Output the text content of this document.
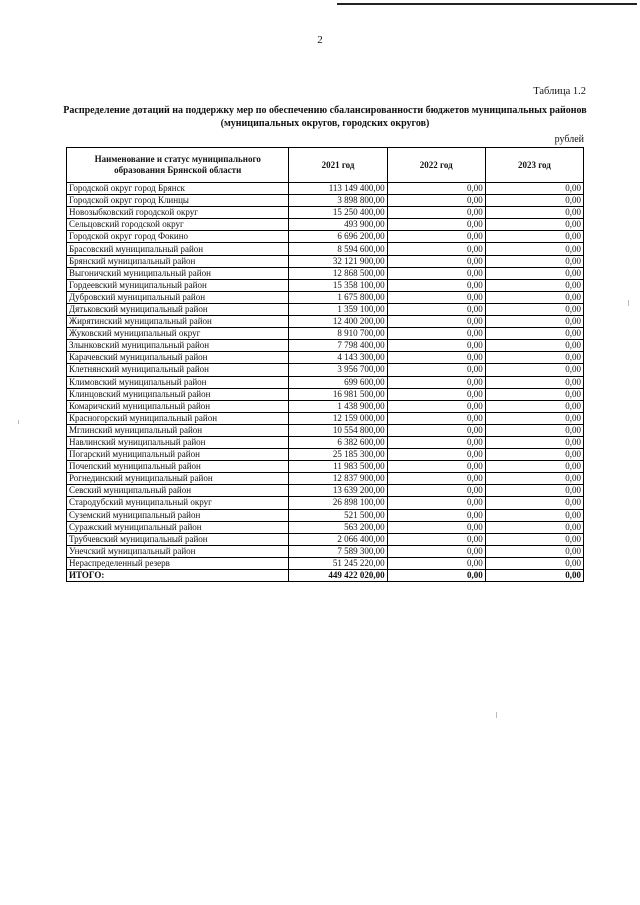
2
Таблица 1.2
Распределение дотаций на поддержку мер по обеспечению сбалансированности бюджетов муниципальных районов
(муниципальных округов, городских округов)
рублей
Наименование и статус муниципального образования Брянской области	2021 год	2022 год	2023 год
Городской округ город Брянск	113 149 400,00	0,00	0,00
Городской округ город Клинцы	3 898 800,00	0,00	0,00
Новозыбковский городской округ	15 250 400,00	0,00	0,00
Сельцовский городской округ	493 900,00	0,00	0,00
Городской округ город Фокино	6 696 200,00	0,00	0,00
Брасовский муниципальный район	8 594 600,00	0,00	0,00
Брянский муниципальный район	32 121 900,00	0,00	0,00
Выгоничский муниципальный район	12 868 500,00	0,00	0,00
Гордеевский муниципальный район	15 358 100,00	0,00	0,00
Дубровский муниципальный район	1 675 800,00	0,00	0,00
Дятьковский муниципальный район	1 359 100,00	0,00	0,00
Жирятинский муниципальный район	12 400 200,00	0,00	0,00
Жуковский муниципальный округ	8 910 700,00	0,00	0,00
Злынковский муниципальный район	7 798 400,00	0,00	0,00
Карачевский муниципальный район	4 143 300,00	0,00	0,00
Клетнянский муниципальный район	3 956 700,00	0,00	0,00
Климовский муниципальный район	699 600,00	0,00	0,00
Клинцовский муниципальный район	16 981 500,00	0,00	0,00
Комаричский муниципальный район	1 438 900,00	0,00	0,00
Красногорский муниципальный район	12 159 000,00	0,00	0,00
Мглинский муниципальный район	10 554 800,00	0,00	0,00
Навлинский муниципальный район	6 382 600,00	0,00	0,00
Погарский муниципальный район	25 185 300,00	0,00	0,00
Почепский муниципальный район	11 983 500,00	0,00	0,00
Рогнединский муниципальный район	12 837 900,00	0,00	0,00
Севский муниципальный район	13 639 200,00	0,00	0,00
Стародубский муниципальный округ	26 898 100,00	0,00	0,00
Суземский муниципальный район	521 500,00	0,00	0,00
Суражский муниципальный район	563 200,00	0,00	0,00
Трубчевский муниципальный район	2 066 400,00	0,00	0,00
Унечский муниципальный район	7 589 300,00	0,00	0,00
Нераспределенный резерв	51 245 220,00	0,00	0,00
ИТОГО:	449 422 020,00	0,00	0,00
